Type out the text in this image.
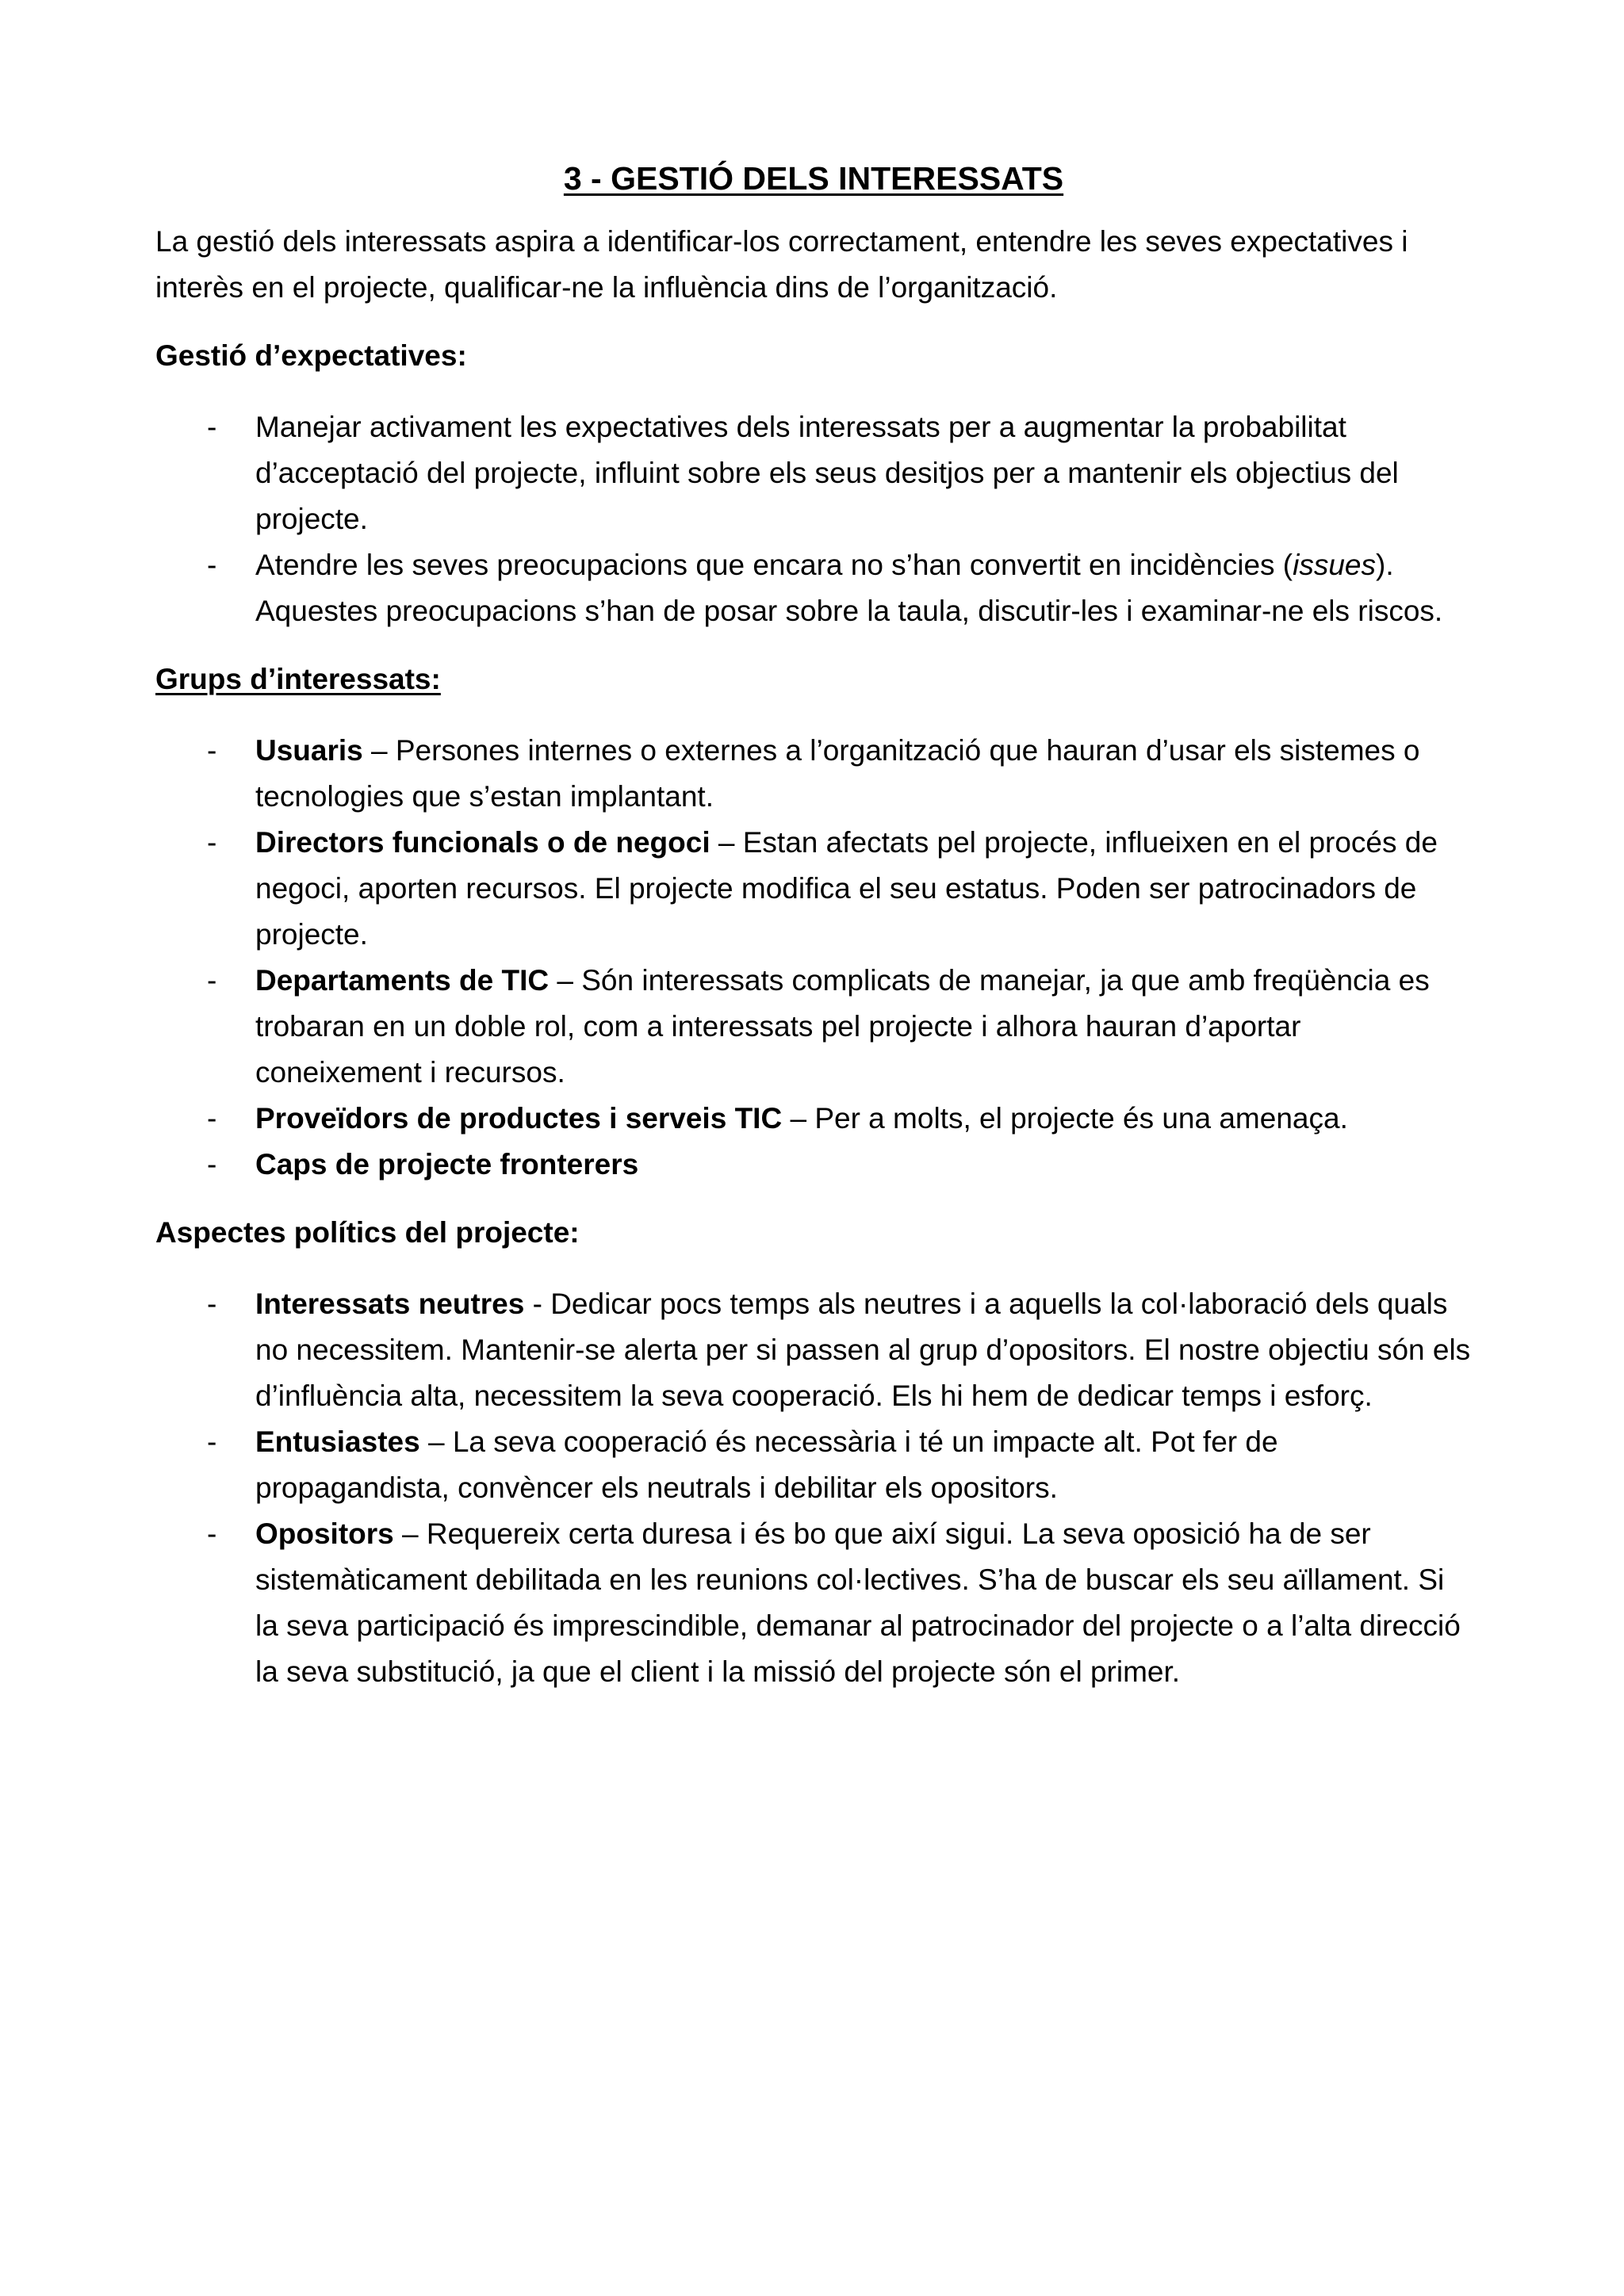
3 - GESTIÓ DELS INTERESSATS

La gestió dels interessats aspira a identificar-los correctament, entendre les seves expectatives i interès en el projecte, qualificar-ne la influència dins de l’organització.

Gestió d’expectatives:
- Manejar activament les expectatives dels interessats per a augmentar la probabilitat d’acceptació del projecte, influint sobre els seus desitjos per a mantenir els objectius del projecte.
- Atendre les seves preocupacions que encara no s’han convertit en incidències (issues). Aquestes preocupacions s’han de posar sobre la taula, discutir-les i examinar-ne els riscos.
Grups d’interessats:
- Usuaris – Persones internes o externes a l’organització que hauran d’usar els sistemes o tecnologies que s’estan implantant.
- Directors funcionals o de negoci – Estan afectats pel projecte, influeixen en el procés de negoci, aporten recursos. El projecte modifica el seu estatus. Poden ser patrocinadors de projecte.
- Departaments de TIC – Són interessats complicats de manejar, ja que amb freqüència es trobaran en un doble rol, com a interessats pel projecte i alhora hauran d’aportar coneixement i recursos.
- Proveïdors de productes i serveis TIC – Per a molts, el projecte és una amenaça.
- Caps de projecte fronterers
Aspectes polítics del projecte:
- Interessats neutres - Dedicar pocs temps als neutres i a aquells la col·laboració dels quals no necessitem. Mantenir-se alerta per si passen al grup d’opositors. El nostre objectiu són els d’influència alta, necessitem la seva cooperació. Els hi hem de dedicar temps i esforç.
- Entusiastes – La seva cooperació és necessària i té un impacte alt. Pot fer de propagandista, convèncer els neutrals i debilitar els opositors.
- Opositors – Requereix certa duresa i és bo que així sigui. La seva oposició ha de ser sistemàticament debilitada en les reunions col·lectives. S’ha de buscar els seu aïllament. Si la seva participació és imprescindible, demanar al patrocinador del projecte o a l’alta direcció la seva substitució, ja que el client i la missió del projecte són el primer.
